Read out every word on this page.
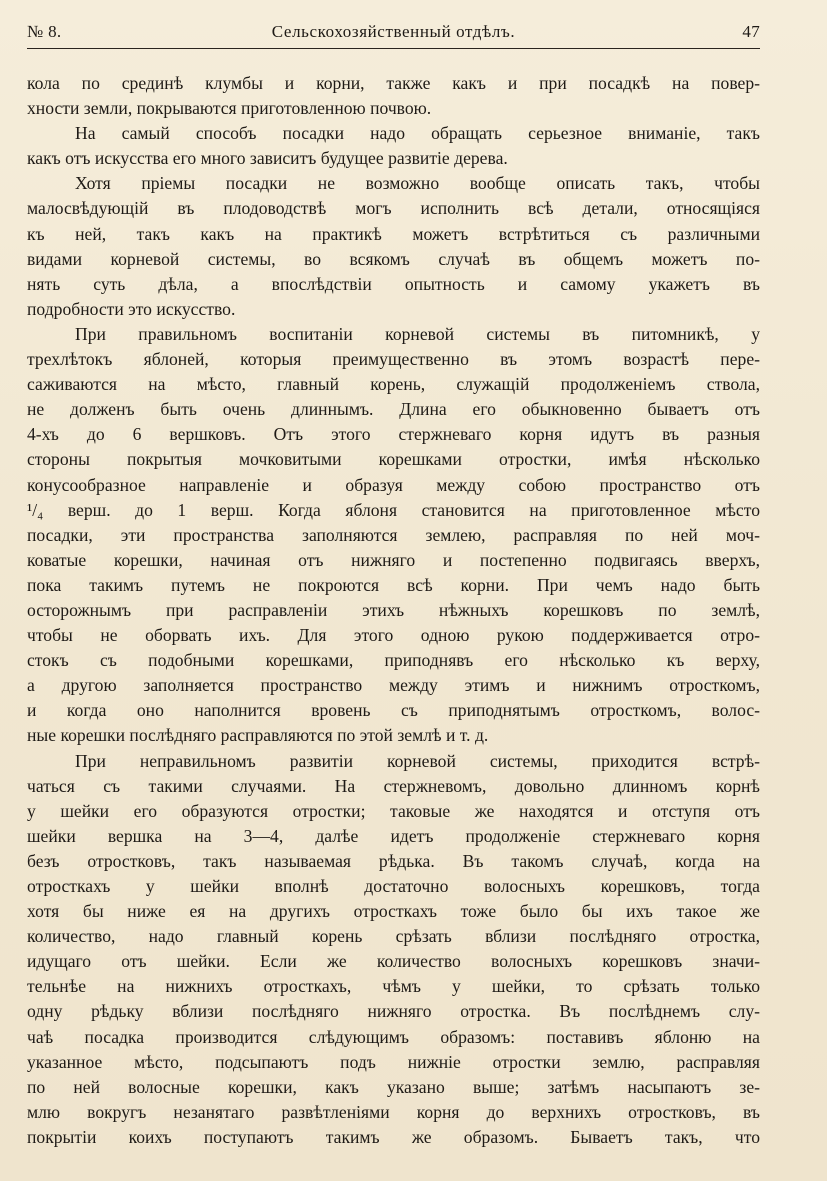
№ 8.	Сельскохозяйственный отдѣлъ.	47
кола по срединѣ клумбы и корни, также какъ и при посадкѣ на повер-
хности земли, покрываются приготовленною почвою.
На самый способъ посадки надо обращать серьезное вниманіе, такъ
какъ отъ искусства его много зависитъ будущее развитіе дерева.
Хотя пріемы посадки не возможно вообще описать такъ, чтобы
малосвѣдующій въ плодоводствѣ могъ исполнить всѣ детали, относящіяся
къ ней, такъ какъ на практикѣ можетъ встрѣтиться съ различными
видами корневой системы, во всякомъ случаѣ въ общемъ можетъ по-
нять суть дѣла, а впослѣдствіи опытность и самому укажетъ въ
подробности это искусство.
При правильномъ воспитаніи корневой системы въ питомникѣ, у
трехлѣтокъ яблоней, которыя преимущественно въ этомъ возрастѣ пере-
саживаются на мѣсто, главный корень, служащій продолженіемъ ствола,
не долженъ быть очень длиннымъ. Длина его обыкновенно бываетъ отъ
4-хъ до 6 вершковъ. Отъ этого стержневаго корня идутъ въ разныя
стороны покрытыя мочковитыми корешками отростки, имѣя нѣсколько
конусообразное направленіе и образуя между собою пространство отъ
¹/₄ верш. до 1 верш. Когда яблоня становится на приготовленное мѣсто
посадки, эти пространства заполняются землею, расправляя по ней моч-
коватые корешки, начиная отъ нижняго и постепенно подвигаясь вверхъ,
пока такимъ путемъ не покроются всѣ корни. При чемъ надо быть
осторожнымъ при расправленіи этихъ нѣжныхъ корешковъ по землѣ,
чтобы не оборвать ихъ. Для этого одною рукою поддерживается отро-
стокъ съ подобными корешками, приподнявъ его нѣсколько къ верху,
а другою заполняется пространство между этимъ и нижнимъ отросткомъ,
и когда оно наполнится вровень съ приподнятымъ отросткомъ, волос-
ные корешки послѣдняго расправляются по этой землѣ и т. д.
При неправильномъ развитіи корневой системы, приходится встрѣ-
чаться съ такими случаями. На стержневомъ, довольно длинномъ корнѣ
у шейки его образуются отростки; таковые же находятся и отступя отъ
шейки вершка на 3—4, далѣе идетъ продолженіе стержневаго корня
безъ отростковъ, такъ называемая рѣдька. Въ такомъ случаѣ, когда на
отросткахъ у шейки вполнѣ достаточно волосныхъ корешковъ, тогда
хотя бы ниже ея на другихъ отросткахъ тоже было бы ихъ такое же
количество, надо главный корень срѣзать вблизи послѣдняго отростка,
идущаго отъ шейки. Если же количество волосныхъ корешковъ значи-
тельнѣе на нижнихъ отросткахъ, чѣмъ у шейки, то срѣзать только
одну рѣдьку вблизи послѣдняго нижняго отростка. Въ послѣднемъ слу-
чаѣ посадка производится слѣдующимъ образомъ: поставивъ яблоню на
указанное мѣсто, подсыпаютъ подъ нижніе отростки землю, расправляя
по ней волосные корешки, какъ указано выше; затѣмъ насыпаютъ зе-
млю вокругъ незанятаго развѣтленіями корня до верхнихъ отростковъ, въ
покрытіи коихъ поступаютъ такимъ же образомъ. Бываетъ такъ, что
